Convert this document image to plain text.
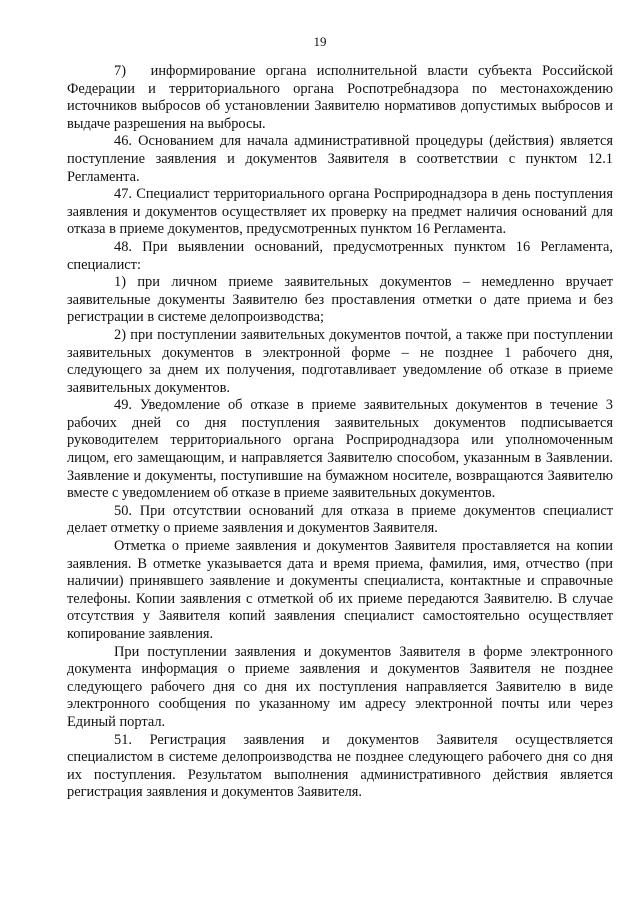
19

7)  информирование органа исполнительной власти субъекта Российской Федерации и территориального органа Роспотребнадзора по местонахождению источников выбросов об установлении Заявителю нормативов допустимых выбросов и выдаче разрешения на выбросы.

46. Основанием для начала административной процедуры (действия) является поступление заявления и документов Заявителя в соответствии с пунктом 12.1 Регламента.

47. Специалист территориального органа Росприроднадзора в день поступления заявления и документов осуществляет их проверку на предмет наличия оснований для отказа в приеме документов, предусмотренных пунктом 16 Регламента.

48. При выявлении оснований, предусмотренных пунктом 16 Регламента, специалист:

1) при личном приеме заявительных документов – немедленно вручает заявительные документы Заявителю без проставления отметки о дате приема и без регистрации в системе делопроизводства;

2) при поступлении заявительных документов почтой, а также при поступлении заявительных документов в электронной форме – не позднее 1 рабочего дня, следующего за днем их получения, подготавливает уведомление об отказе в приеме заявительных документов.

49. Уведомление об отказе в приеме заявительных документов в течение 3 рабочих дней со дня поступления заявительных документов подписывается руководителем территориального органа Росприроднадзора или уполномоченным лицом, его замещающим, и направляется Заявителю способом, указанным в Заявлении. Заявление и документы, поступившие на бумажном носителе, возвращаются Заявителю вместе с уведомлением об отказе в приеме заявительных документов.

50. При отсутствии оснований для отказа в приеме документов специалист делает отметку о приеме заявления и документов Заявителя.

Отметка о приеме заявления и документов Заявителя проставляется на копии заявления. В отметке указывается дата и время приема, фамилия, имя, отчество (при наличии) принявшего заявление и документы специалиста, контактные и справочные телефоны. Копии заявления с отметкой об их приеме передаются Заявителю. В случае отсутствия у Заявителя копий заявления специалист самостоятельно осуществляет копирование заявления.

При поступлении заявления и документов Заявителя в форме электронного документа информация о приеме заявления и документов Заявителя не позднее следующего рабочего дня со дня их поступления направляется Заявителю в виде электронного сообщения по указанному им адресу электронной почты или через Единый портал.

51. Регистрация заявления и документов Заявителя осуществляется специалистом в системе делопроизводства не позднее следующего рабочего дня со дня их поступления. Результатом выполнения административного действия является регистрация заявления и документов Заявителя.
